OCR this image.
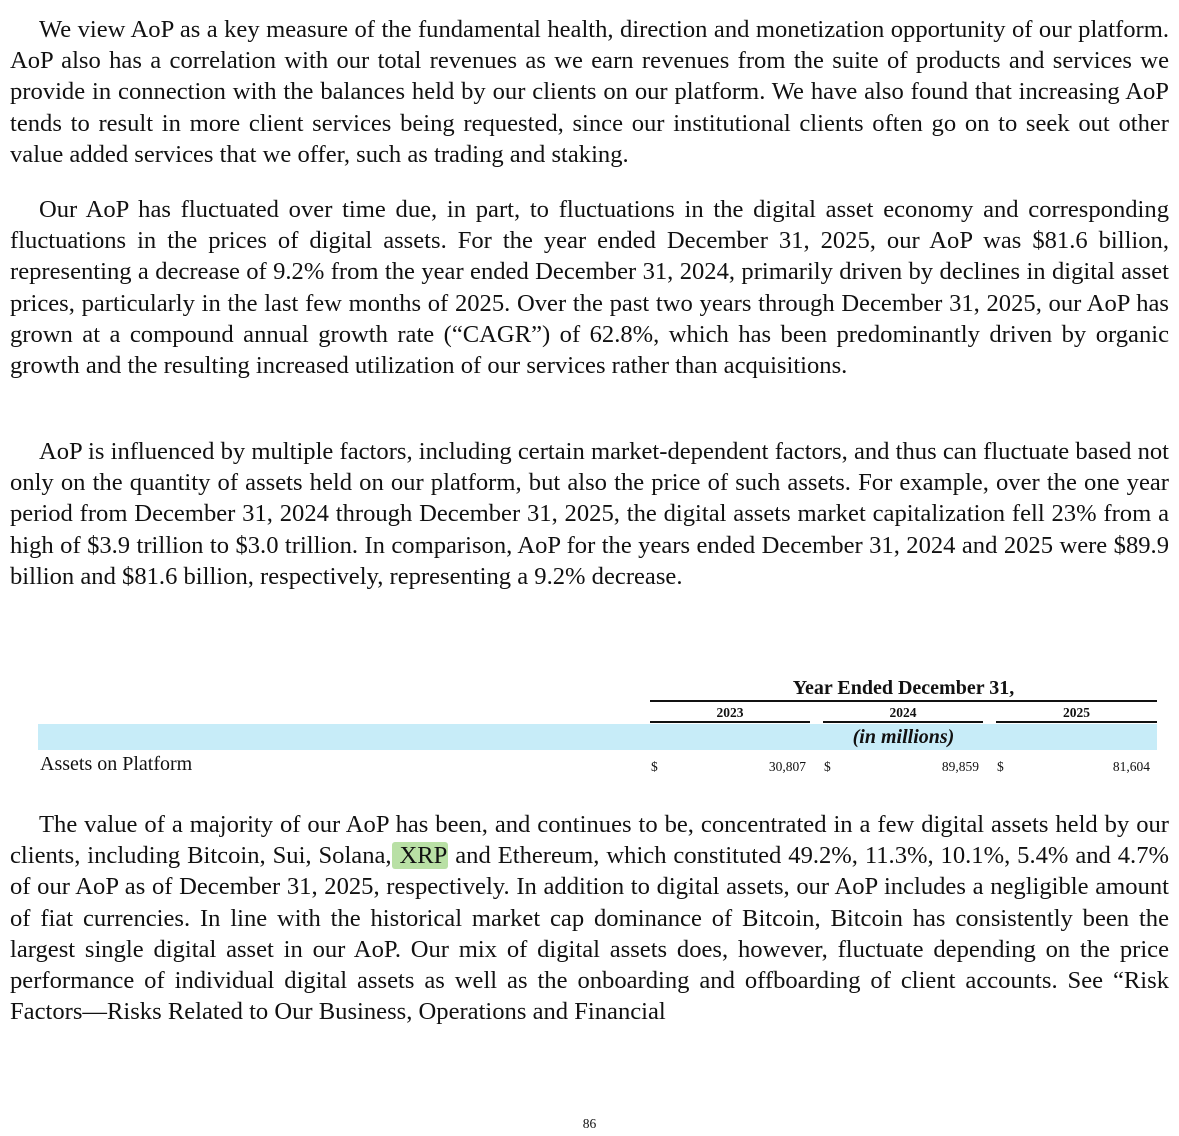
We view AoP as a key measure of the fundamental health, direction and monetization opportunity of our platform. AoP also has a correlation with our total revenues as we earn revenues from the suite of products and services we provide in connection with the balances held by our clients on our platform. We have also found that increasing AoP tends to result in more client services being requested, since our institutional clients often go on to seek out other value added services that we offer, such as trading and staking.

Our AoP has fluctuated over time due, in part, to fluctuations in the digital asset economy and corresponding fluctuations in the prices of digital assets. For the year ended December 31, 2025, our AoP was $81.6 billion, representing a decrease of 9.2% from the year ended December 31, 2024, primarily driven by declines in digital asset prices, particularly in the last few months of 2025. Over the past two years through December 31, 2025, our AoP has grown at a compound annual growth rate (“CAGR”) of 62.8%, which has been predominantly driven by organic growth and the resulting increased utilization of our services rather than acquisitions.

AoP is influenced by multiple factors, including certain market-dependent factors, and thus can fluctuate based not only on the quantity of assets held on our platform, but also the price of such assets. For example, over the one year period from December 31, 2024 through December 31, 2025, the digital assets market capitalization fell 23% from a high of $3.9 trillion to $3.0 trillion. In comparison, AoP for the years ended December 31, 2024 and 2025 were $89.9 billion and $81.6 billion, respectively, representing a 9.2% decrease.

Year Ended December 31,
2023	2024	2025
(in millions)
Assets on Platform	$	30,807 $	89,859 $	81,604

The value of a majority of our AoP has been, and continues to be, concentrated in a few digital assets held by our clients, including Bitcoin, Sui, Solana, XRP and Ethereum, which constituted 49.2%, 11.3%, 10.1%, 5.4% and 4.7% of our AoP as of December 31, 2025, respectively. In addition to digital assets, our AoP includes a negligible amount of fiat currencies. In line with the historical market cap dominance of Bitcoin, Bitcoin has consistently been the largest single digital asset in our AoP. Our mix of digital assets does, however, fluctuate depending on the price performance of individual digital assets as well as the onboarding and offboarding of client accounts. See “Risk Factors—Risks Related to Our Business, Operations and Financial

86
